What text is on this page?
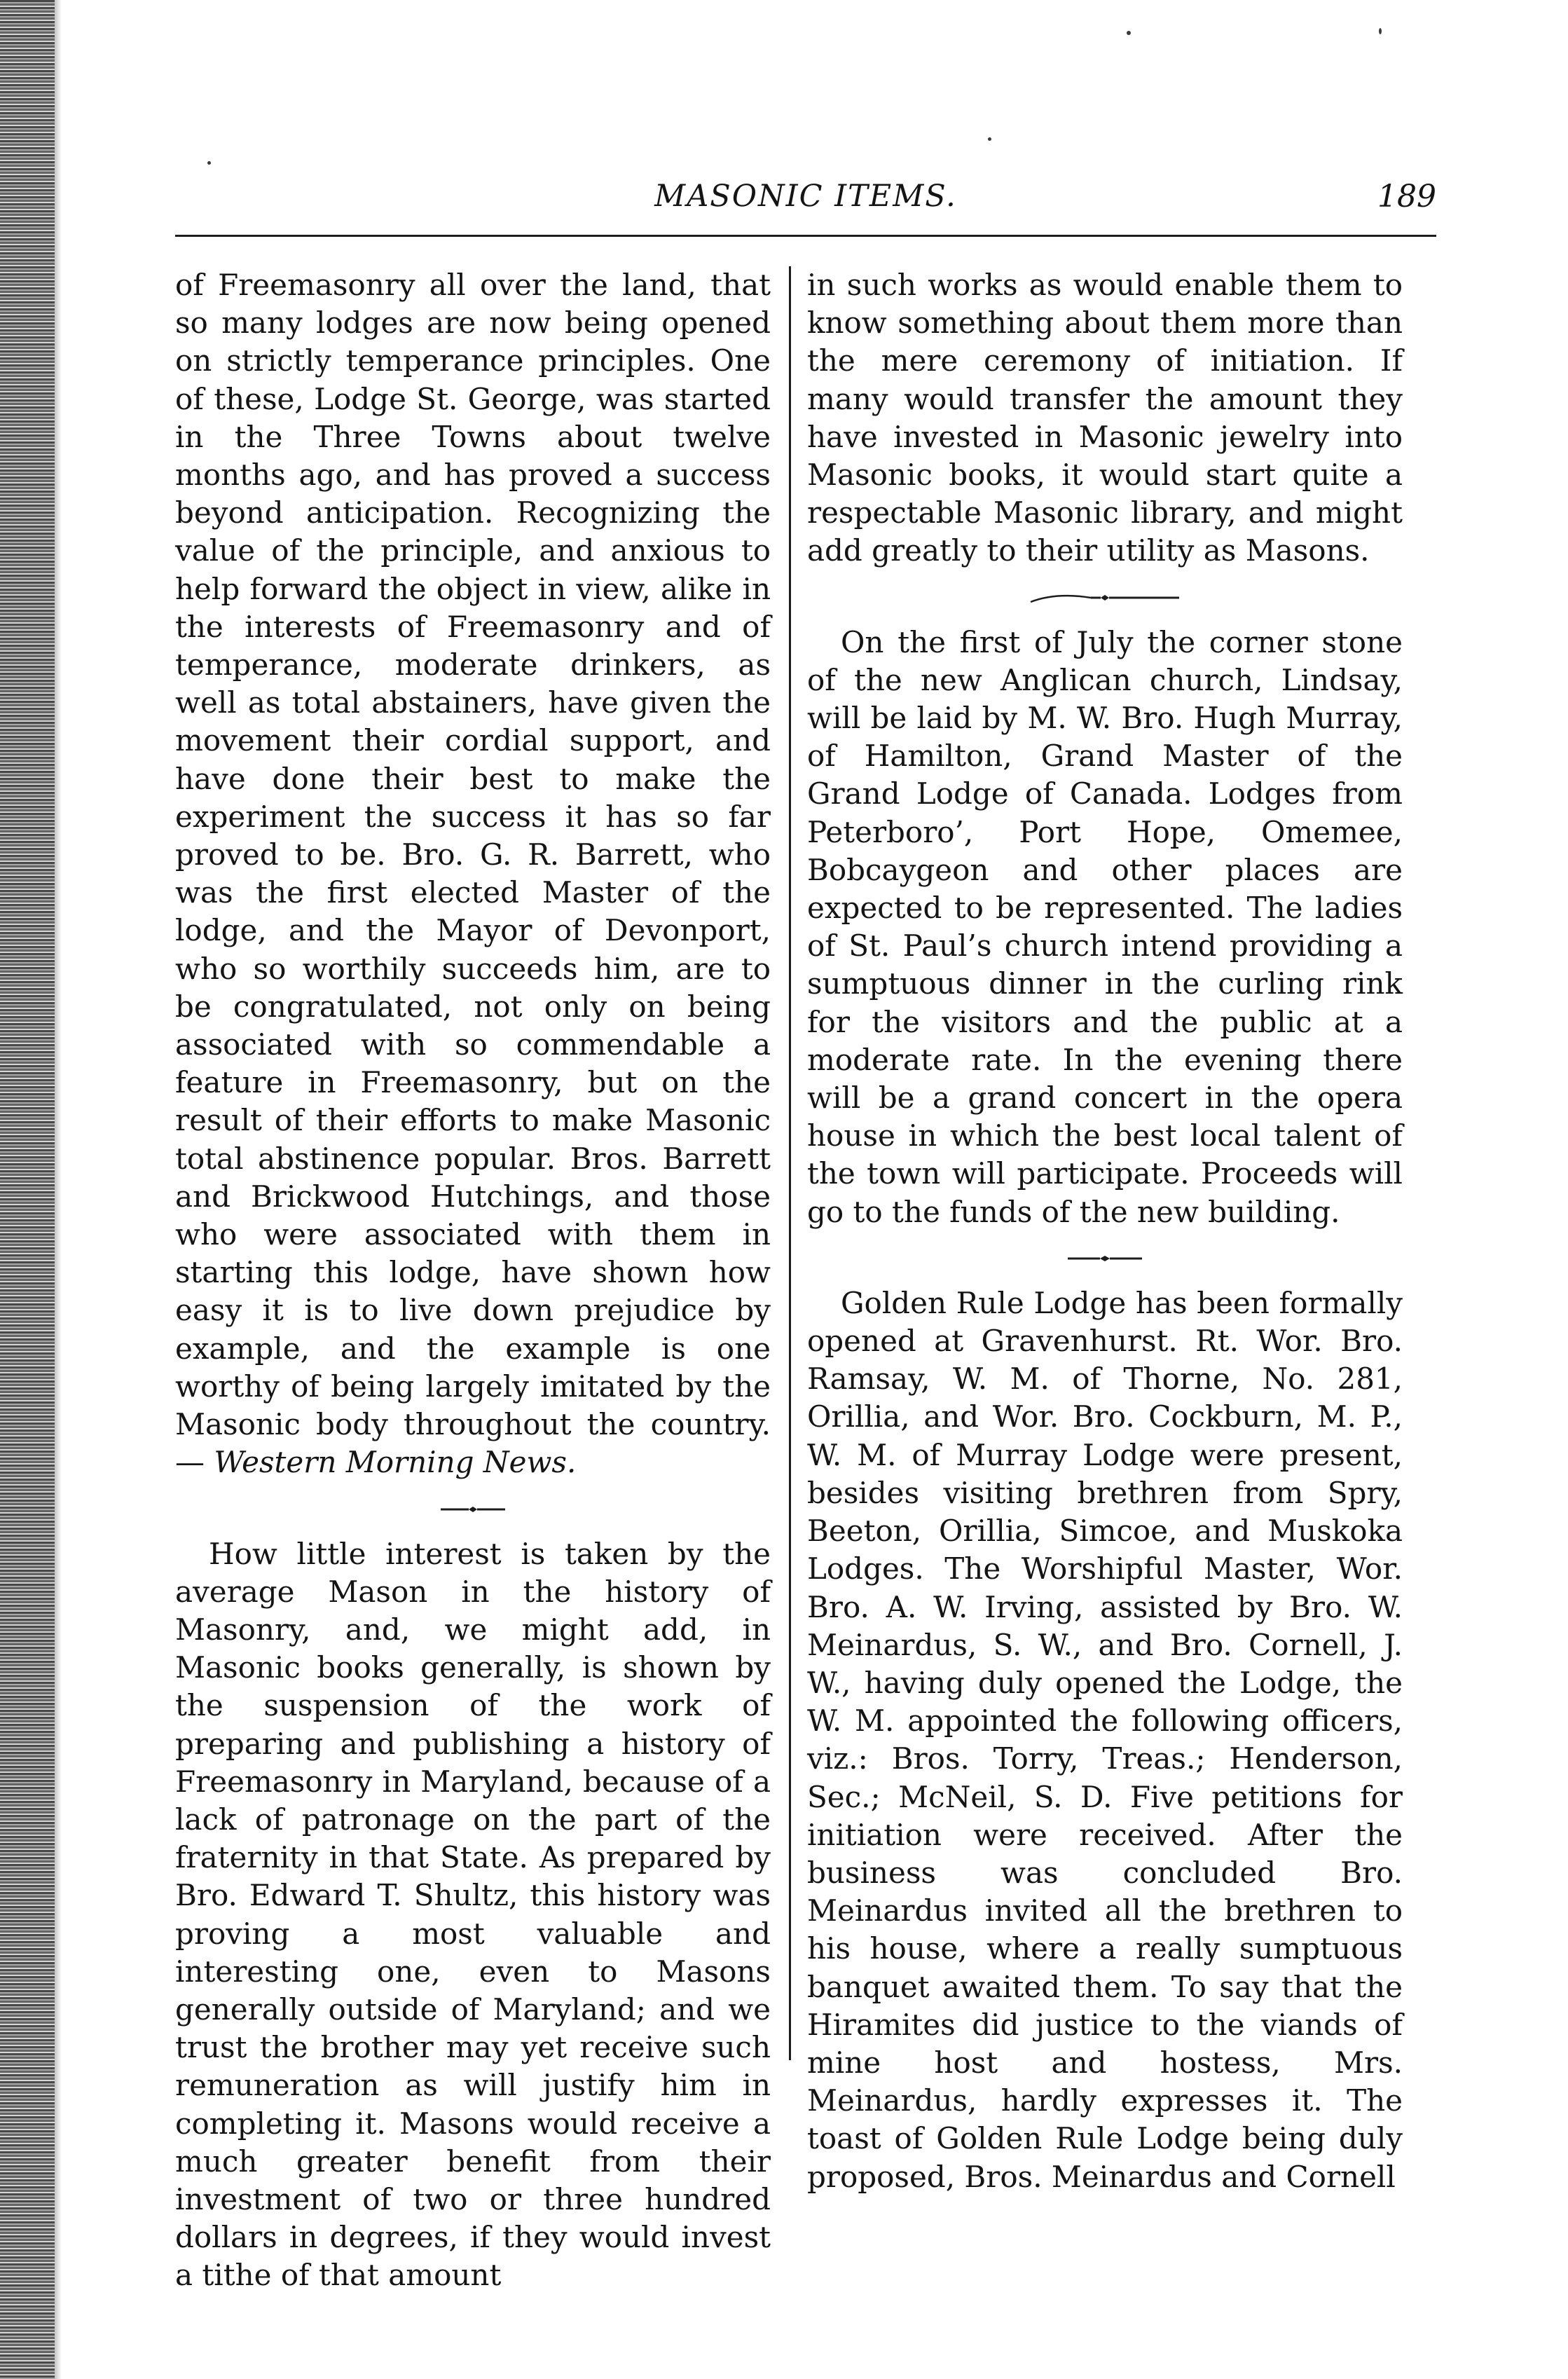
MASONIC ITEMS.	189

of Freemasonry all over the land, that so many lodges are now being opened on strictly temperance principles. One of these, Lodge St. George, was started in the Three Towns about twelve months ago, and has proved a success beyond anticipation. Recognizing the value of the principle, and anxious to help forward the object in view, alike in the interests of Freemasonry and of temperance, moderate drinkers, as well as total abstainers, have given the movement their cordial support, and have done their best to make the experiment the success it has so far proved to be. Bro. G. R. Barrett, who was the first elected Master of the lodge, and the Mayor of Devonport, who so worthily succeeds him, are to be congratulated, not only on being associated with so commendable a feature in Freemasonry, but on the result of their efforts to make Masonic total abstinence popular. Bros. Barrett and Brickwood Hutchings, and those who were associated with them in starting this lodge, have shown how easy it is to live down prejudice by example, and the example is one worthy of being largely imitated by the Masonic body throughout the country.— Western Morning News.

How little interest is taken by the average Mason in the history of Masonry, and, we might add, in Masonic books generally, is shown by the suspension of the work of preparing and publishing a history of Freemasonry in Maryland, because of a lack of patronage on the part of the fraternity in that State. As prepared by Bro. Edward T. Shultz, this history was proving a most valuable and interesting one, even to Masons generally outside of Maryland; and we trust the brother may yet receive such remuneration as will justify him in completing it. Masons would receive a much greater benefit from their investment of two or three hundred dollars in degrees, if they would invest a tithe of that amount

in such works as would enable them to know something about them more than the mere ceremony of initiation. If many would transfer the amount they have invested in Masonic jewelry into Masonic books, it would start quite a respectable Masonic library, and might add greatly to their utility as Masons.

On the first of July the corner stone of the new Anglican church, Lindsay, will be laid by M. W. Bro. Hugh Murray, of Hamilton, Grand Master of the Grand Lodge of Canada. Lodges from Peterboro’, Port Hope, Omemee, Bobcaygeon and other places are expected to be represented. The ladies of St. Paul’s church intend providing a sumptuous dinner in the curling rink for the visitors and the public at a moderate rate. In the evening there will be a grand concert in the opera house in which the best local talent of the town will participate. Proceeds will go to the funds of the new building.

Golden Rule Lodge has been formally opened at Gravenhurst. Rt. Wor. Bro. Ramsay, W. M. of Thorne, No. 281, Orillia, and Wor. Bro. Cockburn, M. P., W. M. of Murray Lodge were present, besides visiting brethren from Spry, Beeton, Orillia, Simcoe, and Muskoka Lodges. The Worshipful Master, Wor. Bro. A. W. Irving, assisted by Bro. W. Meinardus, S. W., and Bro. Cornell, J. W., having duly opened the Lodge, the W. M. appointed the following officers, viz.: Bros. Torry, Treas.; Henderson, Sec.; McNeil, S. D. Five petitions for initiation were received. After the business was concluded Bro. Meinardus invited all the brethren to his house, where a really sumptuous banquet awaited them. To say that the Hiramites did justice to the viands of mine host and hostess, Mrs. Meinardus, hardly expresses it. The toast of Golden Rule Lodge being duly proposed, Bros. Meinardus and Cornell
